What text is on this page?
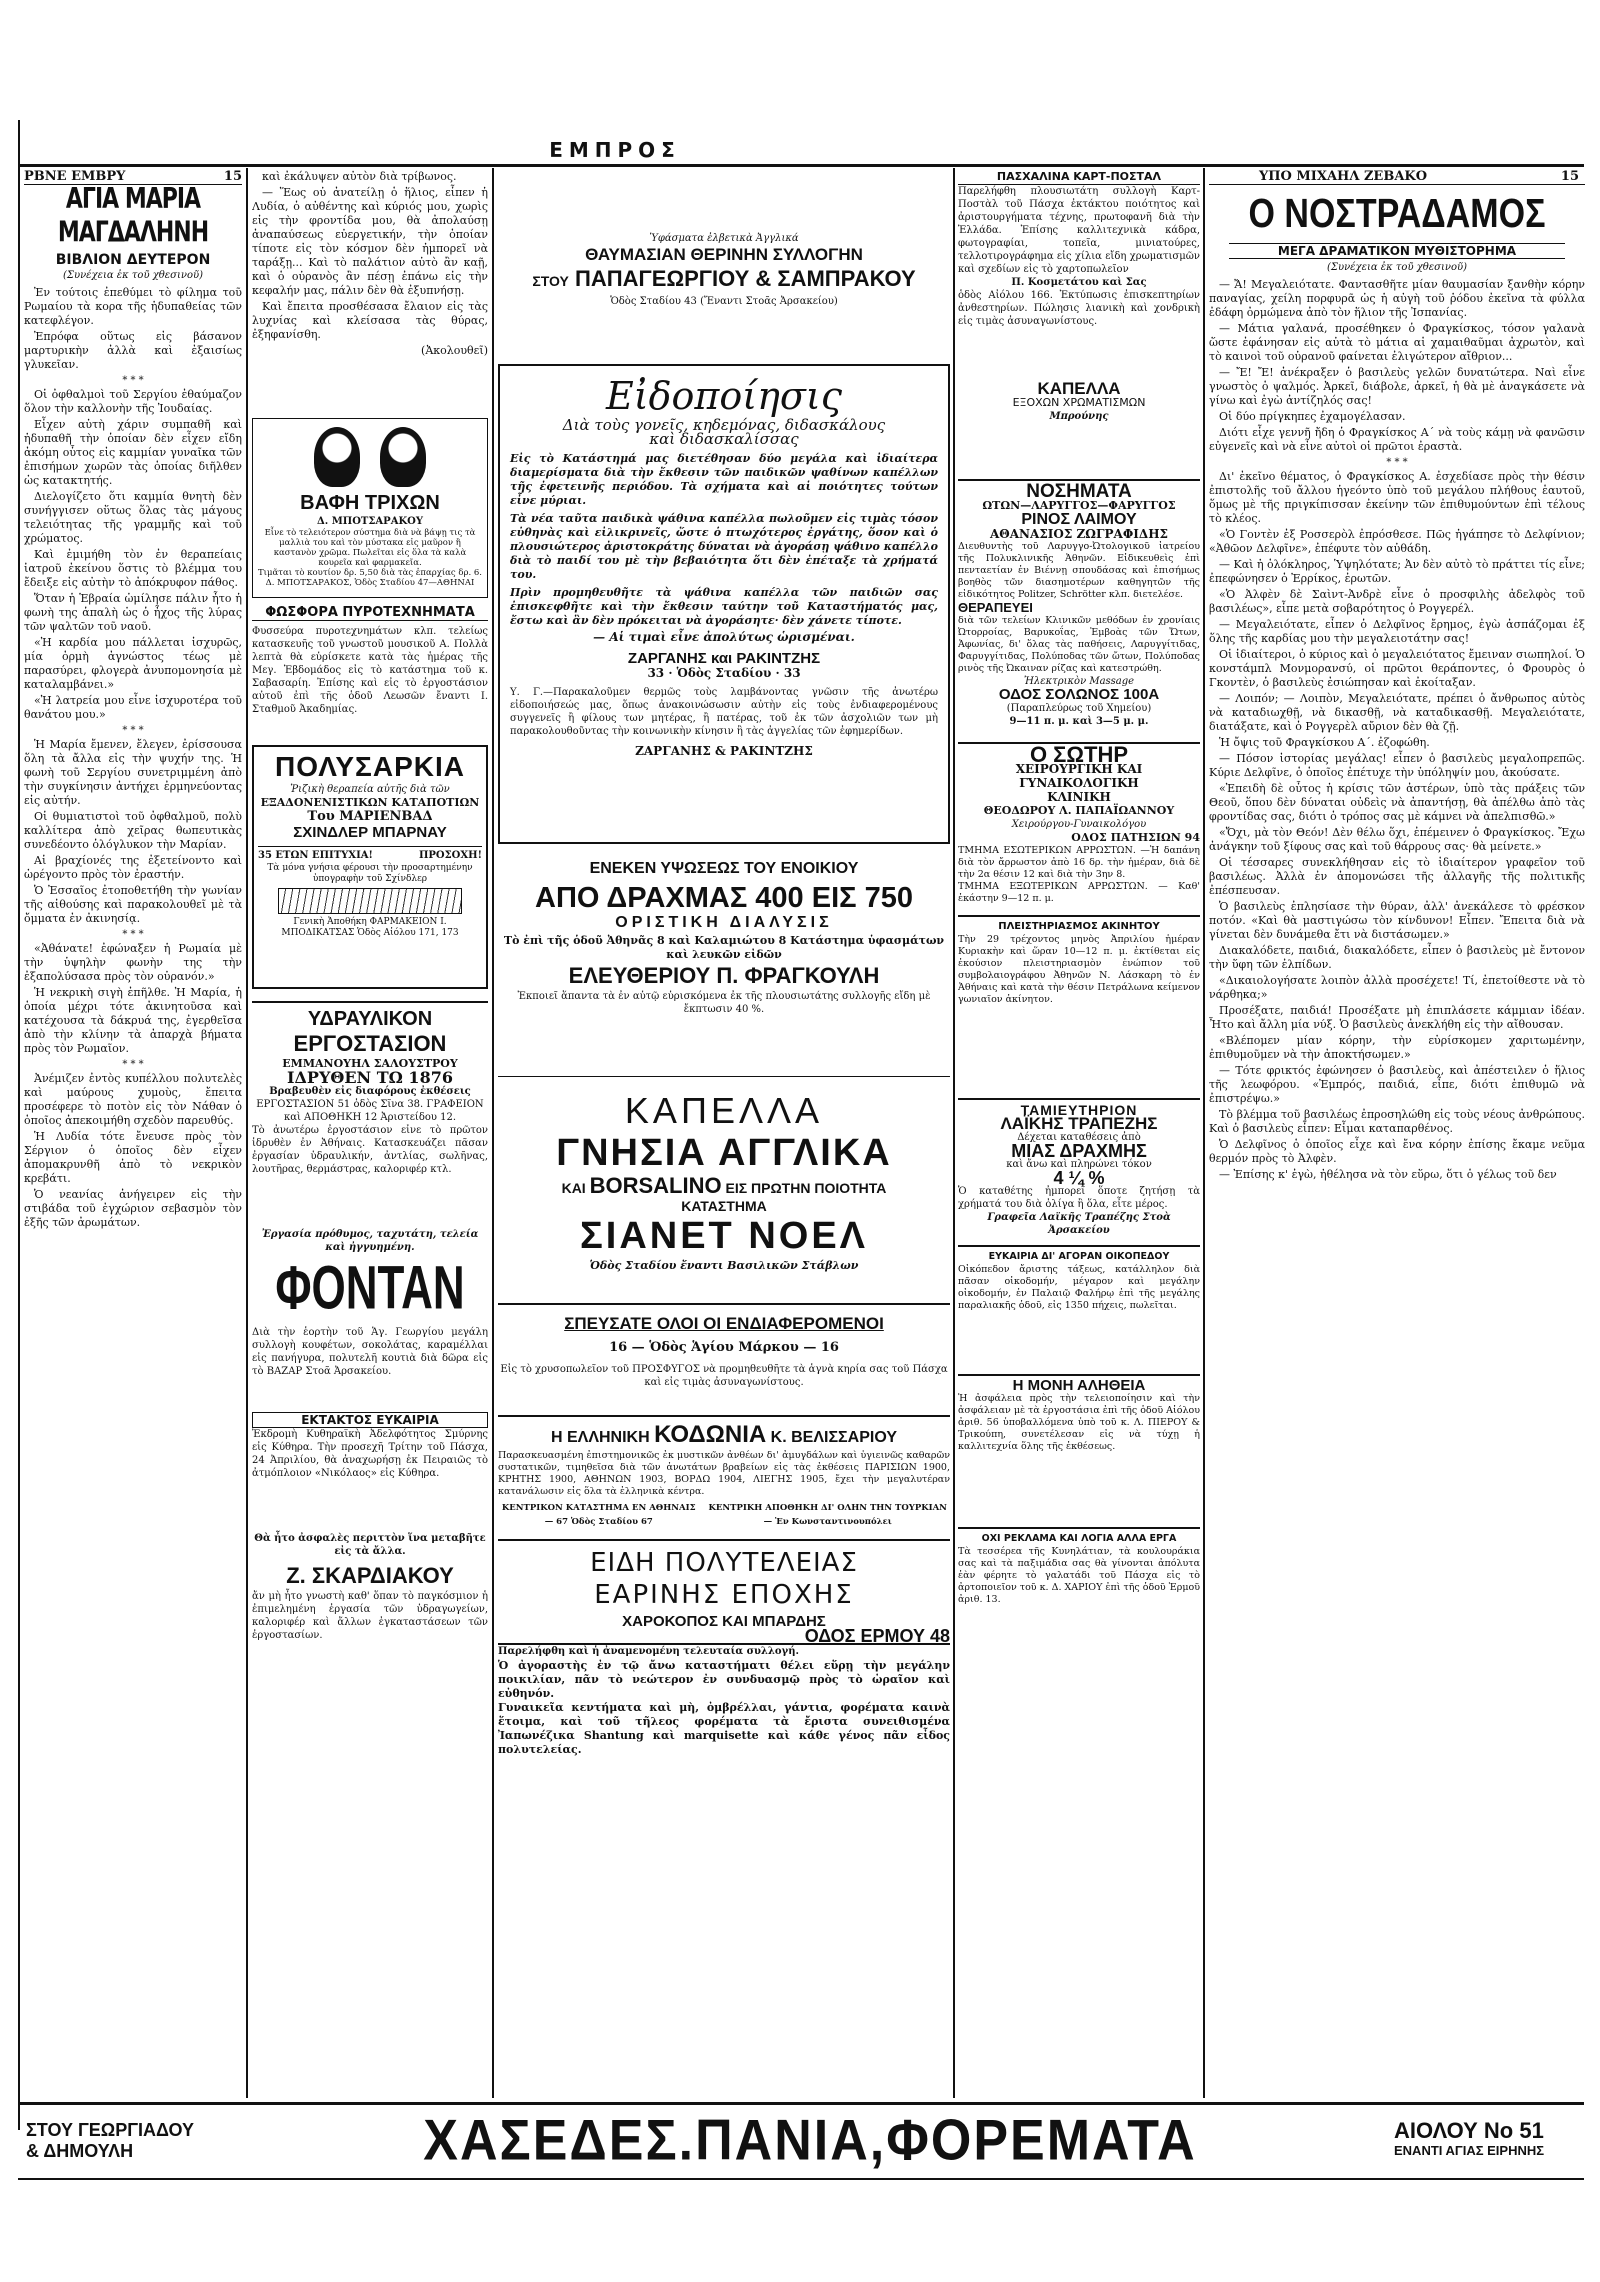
ΕΜΠΡΟΣ
ΡΒΝΕ ΕΜΒΡΥ	15
ΑΓΙΑ ΜΑΡΙΑ ΜΑΓΔΑΛΗΝΗ
ΒΙΒΛΙΟΝ ΔΕΥΤΕΡΟΝ
(Συνέχεια ἐκ τοῦ χθεσινοῦ)

Ἐν τούτοις ἐπεθύμει τὸ φίλημα τοῦ Ρωμαίου τὰ κορα τῆς ἡδυπαθείας τῶν κατεφλέγον.

Ἐπρόφα οὕτως εἰς βάσανον μαρτυρικὴν ἀλλὰ καὶ ἐξαισίως γλυκεῖαν.

* * *

Οἱ ὀφθαλμοὶ τοῦ Σεργίου ἐθαύμαζον ὅλον τὴν καλλονὴν τῆς Ἰουδαίας.

Εἶχεν αὐτὴ χάριν συμπαθῆ καὶ ἡδυπαθῆ τὴν ὁποίαν δὲν εἶχεν εἴδη ἀκόμη οὗτος εἰς καμμίαν γυναῖκα τῶν ἐπισήμων χωρῶν τὰς ὁποίας διῆλθεν ὡς κατακτητής.

Διελογίζετο ὅτι καμμία θνητὴ δὲν συνήγγισεν οὕτως ὅλας τὰς μάγους τελειότητας τῆς γραμμῆς καὶ τοῦ χρώματος.

Καὶ ἐμιμήθη τὸν ἐν θεραπείαις ἰατροῦ ἐκείνου ὅστις τὸ βλέμμα του ἔδειξε εἰς αὐτὴν τὸ ἀπόκρυφον πάθος.

Ὅταν ἡ Ἑβραία ὡμίλησε πάλιν ἦτο ἡ φωνὴ της ἁπαλὴ ὡς ὁ ἦχος τῆς λύρας τῶν ψαλτῶν τοῦ ναοῦ.

«Ἡ καρδία μου πάλλεται ἰσχυρῶς, μία ὁρμὴ ἀγνώστος τέως μὲ παρασύρει, φλογερὰ ἀνυπομονησία μὲ καταλαμβάνει.»

«Ἡ λατρεία μου εἶνε ἰσχυροτέρα τοῦ θανάτου μου.»

* * *

Ἡ Μαρία ἔμενεν, ἔλεγεν, ἐρίσσουσα ὅλη τὰ ἄλλα εἰς τὴν ψυχήν της. Ἡ φωνὴ τοῦ Σεργίου συνετριμμένη ἀπὸ τὴν συγκίνησιν ἀντήχει ἐρμηνεύοντας εἰς αὐτήν.

Οἱ θυμιατιστοὶ τοῦ ὀφθαλμοῦ, πολὺ καλλίτερα ἀπὸ χεῖρας θωπευτικὰς συνεδέοντο ὁλόγλυκον τὴν Μαρίαν.

Αἱ βραχίονές της ἐξετείνοντο καὶ ὡρέγοντο πρὸς τὸν ἐραστήν.

Ὁ Ἐσσαῖος ἐτοποθετήθη τὴν γωνίαν τῆς αἰθούσης καὶ παρακολουθεῖ μὲ τὰ ὄμματα ἐν ἀκινησίᾳ.

* * *

«Ἀθάνατε! ἐφώναξεν ἡ Ρωμαία μὲ τὴν ὑψηλὴν φωνὴν της τὴν ἐξαπολύσασα πρὸς τὸν οὐρανόν.»

Ἡ νεκρικὴ σιγὴ ἐπῆλθε. Ἡ Μαρία, ἡ ὁποία μέχρι τότε ἀκινητοῦσα καὶ κατέχουσα τὰ δάκρυά της, ἐγερθεῖσα ἀπὸ τὴν κλίνην τὰ ἀπαρχὰ βήματα πρὸς τὸν Ρωμαῖον.

* * *

Ἀνέμιζεν ἐντὸς κυπέλλου πολυτελὲς καὶ μαύρους χυμοὺς, ἔπειτα προσέφερε τὸ ποτὸν εἰς τὸν Νάθαν ὁ ὁποῖος ἀπεκοιμήθη σχεδὸν παρευθύς.

Ἡ Λυδία τότε ἔνευσε πρὸς τὸν Σέργιον ὁ ὁποῖος δὲν εἶχεν ἀπομακρυνθῆ ἀπὸ τὸ νεκρικὸν κρεβάτι.

Ὁ νεανίας ἀνήγειρεν εἰς τὴν στιβάδα τοῦ ἐγχώριον σεβασμὸν τὸν ἐξῆς τῶν ἀρωμάτων.

καὶ ἐκάλυψεν αὐτὸν διὰ τρίβωνος.

— Ἕως οὐ ἀνατείλῃ ὁ ἥλιος, εἶπεν ἡ Λυδία, ὁ αὐθέντης καὶ κύριός μου, χωρὶς εἰς τὴν φροντίδα μου, θὰ ἀπολαύσῃ ἀναπαύσεως εὐεργετικήν, τὴν ὁποίαν τίποτε εἰς τὸν κόσμον δὲν ἠμπορεῖ νὰ ταράξῃ... Καὶ τὸ παλάτιον αὐτὸ ἂν καῇ, καὶ ὁ οὐρανὸς ἂν πέσῃ ἐπάνω εἰς τὴν κεφαλήν μας, πάλιν δὲν θὰ ἐξυπνήσῃ.

Καὶ ἔπειτα προσθέσασα ἔλαιον εἰς τὰς λυχνίας καὶ κλείσασα τὰς θύρας, ἐξηφανίσθη.

(Ἀκολουθεῖ)

ΒΑΦΗ ΤΡΙΧΩΝ
Δ. ΜΠΟΤΣΑΡΑΚΟΥ
Εἶνε τὸ τελειότερον σύστημα διὰ νὰ βάψῃ τις τὰ μαλλιὰ του καὶ τὸν μύστακα εἰς μαῦρον ἢ καστανὸν χρῶμα. Πωλεῖται εἰς ὅλα τὰ καλὰ κουρεῖα καὶ φαρμακεῖα.
Τιμᾶται τὸ κουτίον δρ. 5,50 διὰ τὰς ἐπαρχίας δρ. 6.
Δ. ΜΠΟΤΣΑΡΑΚΟΣ, Ὁδὸς Σταδίου 47—ΑΘΗΝΑΙ
ΦΩΣΦΟΡΑ ΠΥΡΟΤΕΧΝΗΜΑΤΑ
Φυσσεύρα πυροτεχνημάτων κλπ. τελείως κατασκευῆς τοῦ γνωστοῦ μουσικοῦ Α. Πολλὰ λεπτὰ θὰ εὑρίσκετε κατὰ τὰς ἡμέρας τῆς Μεγ. Ἑβδομάδος εἰς τὸ κατάστημα τοῦ κ. Σαβασαρίη. Ἐπίσης καὶ εἰς τὸ ἐργοστάσιον αὐτοῦ ἐπὶ τῆς ὁδοῦ Λεωσῶν ἔναντι Ι. Σταθμοῦ Ἀκαδημίας.
ΠΟΛΥΣΑΡΚΙΑ
Ῥιζικὴ θεραπεία αὐτῆς διὰ τῶν
ΕΞΑΔΟΝΕΝΙΣΤΙΚΩΝ ΚΑΤΑΠΟΤΙΩΝ
Του ΜΑΡΙΕΝΒΑΔ
ΣΧΙΝΔΛΕΡ ΜΠΑΡΝΑΥ
35 ΕΤΩΝ ΕΠΙΤΥΧΙΑ!	ΠΡΟΣΟΧΗ!
Τὰ μόνα γνήσια φέρουσι τὴν προσαρτημένην ὑπογραφὴν τοῦ Σχίνδλερ
Γενικὴ Ἀποθήκη ΦΑΡΜΑΚΕΙΟΝ Ι. ΜΠΟΔΙΚΑΤΣΑΣ Ὁδὸς Αἰόλου 171, 173
ΥΔΡΑΥΛΙΚΟΝ
ΕΡΓΟΣΤΑΣΙΟΝ
ΕΜΜΑΝΟΥΗΛ ΣΑΛΟΥΣΤΡΟΥ
ΙΔΡΥΘΕΝ ΤΩ 1876
Βραβευθὲν εἰς διαφόρους ἐκθέσεις
ΕΡΓΟΣΤΑΣΙΟΝ 51 ὁδὸς Σῖνα 38. ΓΡΑΦΕΙΟΝ καὶ ΑΠΟΘΗΚΗ 12 Ἀριστείδου 12.
Τὸ ἀνωτέρω ἐργοστάσιον εἶνε τὸ πρῶτον ἱδρυθὲν ἐν Ἀθήναις. Κατασκευάζει πᾶσαν ἐργασίαν ὑδραυλικήν, ἀντλίας, σωλῆνας, λουτῆρας, θερμάστρας, καλοριφέρ κτλ.
Ἐργασία πρόθυμος, ταχυτάτη, τελεία καὶ ἠγγυημένη.
ΦΟΝΤΑΝ
Διὰ τὴν ἑορτὴν τοῦ Ἁγ. Γεωργίου μεγάλη συλλογὴ κουφέτων, σοκολάτας, καραμέλλαι εἰς πανήγυρα, πολυτελῆ κουτιὰ διὰ δῶρα εἰς τὸ ΒΑΖΑΡ Στοᾶ Ἀρσακείου.
ΕΚΤΑΚΤΟΣ ΕΥΚΑΙΡΙΑ
Ἐκδρομὴ Κυθηραϊκὴ Ἀδελφότητος Σμύρνης εἰς Κύθηρα. Τὴν προσεχῆ Τρίτην τοῦ Πάσχα, 24 Ἀπριλίου, θὰ ἀναχωρήσῃ ἐκ Πειραιῶς τὸ ἀτμόπλοιον «Νικόλαος» εἰς Κύθηρα.
Θὰ ἦτο ἀσφαλὲς περιττὸν ἵνα μεταβῆτε εἰς τὰ ἄλλα.
Ζ. ΣΚΑΡΔΙΑΚΟΥ
ἄν μὴ ἦτο γνωστὴ καθ' ὅπαν τὸ παγκόσμιον ἡ ἐπιμελημένη ἐργασία τῶν ὑδραγωγείων, καλοριφέρ καὶ ἄλλων ἐγκαταστάσεων τῶν ἐργοστασίων.
Ὑφάσματα ἐλβετικὰ Ἀγγλικά
ΘΑΥΜΑΣΙΑΝ ΘΕΡΙΝΗΝ ΣΥΛΛΟΓΗΝ
ΣΤΟΥ ΠΑΠΑΓΕΩΡΓΙΟΥ & ΣΑΜΠΡΑΚΟΥ
Ὁδὸς Σταδίου 43 (Ἔναντι Στοᾶς Ἀρσακείου)
Εἰδοποίησις
Διὰ τοὺς γονεῖς, κηδεμόνας, διδασκάλους
καὶ διδασκαλίσσας
Εἰς τὸ Κατάστημά μας διετέθησαν δύο μεγάλα καὶ ἰδιαίτερα διαμερίσματα διὰ τὴν ἔκθεσιν τῶν παιδικῶν ψαθίνων καπέλλων τῆς ἐφετεινῆς περιόδου. Τὰ σχήματα καὶ αἱ ποιότητες τούτων εἶνε μύριαι.
Τὰ νέα ταῦτα παιδικὰ ψάθινα καπέλλα πωλοῦμεν εἰς τιμὰς τόσον εὐθηνὰς καὶ εἰλικρινεῖς, ὥστε ὁ πτωχότερος ἐργάτης, ὅσον καὶ ὁ πλουσιώτερος ἀριστοκράτης δύναται νὰ ἀγοράσῃ ψάθινο καπέλλο διὰ τὸ παιδί του μὲ τὴν βεβαιότητα ὅτι δὲν ἐπέταξε τὰ χρήματά του.
Πρὶν προμηθευθῆτε τὰ ψάθινα καπέλλα τῶν παιδιῶν σας ἐπισκεφθῆτε καὶ τὴν ἔκθεσιν ταύτην τοῦ Καταστήματός μας, ἔστω καὶ ἂν δὲν πρόκειται νὰ ἀγοράσητε· δὲν χάνετε τίποτε.
— Αἱ τιμαὶ εἶνε ἀπολύτως ὡρισμέναι.
ΖΑΡΓΑΝΗΣ και ΡΑΚΙΝΤΖΗΣ
33 · Ὁδὸς Σταδίου · 33
Υ. Γ.—Παρακαλοῦμεν θερμῶς τοὺς λαμβάνοντας γνῶσιν τῆς ἀνωτέρω εἰδοποιήσεώς μας, ὅπως ἀνακοινώσωσιν αὐτὴν εἰς τοὺς ἐνδιαφερομένους συγγενεῖς ἢ φίλους των μητέρας, ἢ πατέρας, τοῦ ἐκ τῶν ἀσχολιῶν των μὴ παρακολουθοῦντας τὴν κοινωνικὴν κίνησιν ἢ τὰς ἀγγελίας τῶν ἐφημερίδων.
ΖΑΡΓΑΝΗΣ & ΡΑΚΙΝΤΖΗΣ
ΕΝΕΚΕΝ ΥΨΩΣΕΩΣ ΤΟΥ ΕΝΟΙΚΙΟΥ
ΑΠΟ ΔΡΑΧΜΑΣ 400 ΕΙΣ 750
ΟΡΙΣΤΙΚΗ ΔΙΑΛΥΣΙΣ
Τὸ ἐπὶ τῆς ὁδοῦ Ἀθηνᾶς 8 καὶ Καλαμιώτου 8 Κατάστημα ὑφασμάτων καὶ λευκῶν εἰδῶν
ΕΛΕΥΘΕΡΙΟΥ Π. ΦΡΑΓΚΟΥΛΗ
Ἐκποιεῖ ἅπαντα τὰ ἐν αὐτῷ εὑρισκόμενα ἐκ τῆς πλουσιωτάτης συλλογῆς εἴδη μὲ ἔκπτωσιν 40 %.
ΚΑΠΕΛΛΑ
ΓΝΗΣΙΑ ΑΓΓΛΙΚΑ
ΚΑΙ BORSALINO ΕΙΣ ΠΡΩΤΗΝ ΠΟΙΟΤΗΤΑ
ΚΑΤΑΣΤΗΜΑ
ΣΙΑΝΕΤ ΝΟΕΛ
Ὁδὸς Σταδίου ἔναντι Βασιλικῶν Στάβλων
ΣΠΕΥΣΑΤΕ ΟΛΟΙ ΟΙ ΕΝΔΙΑΦΕΡΟΜΕΝΟΙ
16 — Ὁδὸς Ἁγίου Μάρκου — 16
Εἰς τὸ χρυσοπωλεῖον τοῦ ΠΡΟΣΦΥΓΟΣ νὰ προμηθευθῆτε τὰ ἁγνὰ κηρία σας τοῦ Πάσχα καὶ εἰς τιμὰς ἀσυναγωνίστους.
Η ΕΛΛΗΝΙΚΗ ΚΟΔΩΝΙΑ Κ. ΒΕΛΙΣΣΑΡΙΟΥ
Παρασκευασμένη ἐπιστημονικῶς ἐκ μυστικῶν ἀνθέων δι' ἀμυγδάλων καὶ ὑγιεινῶς καθαρῶν συστατικῶν, τιμηθεῖσα διὰ τῶν ἀνωτάτων βραβείων εἰς τὰς ἐκθέσεις ΠΑΡΙΣΙΩΝ 1900, ΚΡΗΤΗΣ 1900, ΑΘΗΝΩΝ 1903, ΒΟΡΔΩ 1904, ΛΙΕΓΗΣ 1905, ἔχει τὴν μεγαλυτέραν κατανάλωσιν εἰς ὅλα τὰ ἑλληνικὰ κέντρα.
ΚΕΝΤΡΙΚΟΝ ΚΑΤΑΣΤΗΜΑ ΕΝ ΑΘΗΝΑΙΣ — 67 Ὁδὸς Σταδίου 67
ΚΕΝΤΡΙΚΗ ΑΠΟΘΗΚΗ ΔΙ' ΟΛΗΝ ΤΗΝ ΤΟΥΡΚΙΑΝ — Ἐν Κωνσταντινουπόλει
ΕΙΔΗ ΠΟΛΥΤΕΛΕΙΑΣ
ΕΑΡΙΝΗΣ ΕΠΟΧΗΣ
ΧΑΡΟΚΟΠΟΣ ΚΑΙ ΜΠΑΡΔΗΣ
ΟΔΟΣ ΕΡΜΟΥ 48
Παρελήφθη καὶ ἡ ἀναμενομένη τελευταία συλλογή.
Ὁ ἀγοραστὴς ἐν τῷ ἄνω καταστήματι θέλει εὕρῃ τὴν μεγάλην ποικιλίαν, πᾶν τὸ νεώτερον ἐν συνδυασμῷ πρὸς τὸ ὡραῖον καὶ εὐθηνόν.
Γυναικεῖα κεντήματα καὶ μὴ, ὀμβρέλλαι, γάντια, φορέματα καινὰ ἕτοιμα, καὶ τοῦ τῆλεος φορέματα τὰ ἔριστα συνειθισμένα Ἰαπωνέζικα Shantung καὶ marquisette καὶ κάθε γένος πᾶν εἶδος πολυτελείας.
ΠΑΣΧΑΛΙΝΑ ΚΑΡΤ-ΠΟΣΤΑΛ
Παρελήφθη πλουσιωτάτη συλλογὴ Καρτ-Ποστὰλ τοῦ Πάσχα ἐκτάκτου ποιότητος καὶ ἀριστουργήματα τέχνης, πρωτοφανῆ διὰ τὴν Ἑλλάδα. Ἐπίσης καλλιτεχνικὰ κάδρα, φωτογραφίαι, τοπεῖα, μινιατούρες, τελλοτιρογράφημα εἰς χίλια εἴδη χρωματισμῶν καὶ σχεδίων εἰς τὸ χαρτοπωλεῖον
Π. Κοσμετάτου καὶ Σας
ὁδὸς Αἰόλου 166. Ἐκτύπωσις ἐπισκεπτηρίων ἀνθεστηρίων. Πώλησις λιανικὴ καὶ χονδρικὴ εἰς τιμὰς ἀσυναγωνίστους.
ΚΑΠΕΛΛΑ
ΕΞΟΧΩΝ ΧΡΩΜΑΤΙΣΜΩΝ
Μπρούνης
ΝΟΣΗΜΑΤΑ
ΩΤΩΝ—ΛΑΡΥΓΓΟΣ—ΦΑΡΥΓΓΟΣ
ΡΙΝΟΣ ΛΑΙΜΟΥ
ΑΘΑΝΑΣΙΟΣ ΖΩΓΡΑΦΙΔΗΣ
Διευθυντὴς τοῦ Λαρυγγο-Ὠτολογικοῦ ἰατρείου τῆς Πολυκλινικῆς Ἀθηνῶν. Εἰδικευθεὶς ἐπὶ πενταετίαν ἐν Βιέννῃ σπουδάσας καὶ ἐπισήμως βοηθὸς τῶν διασημοτέρων καθηγητῶν τῆς εἰδικότητος Politzer, Schrötter κλπ. διετελέσε.
ΘΕΡΑΠΕΥΕΙ
διὰ τῶν τελείων Κλινικῶν μεθόδων ἐν χρονίαις Ὠτορροίας, Βαρυκοΐας, Ἐμβοὰς τῶν Ὤτων, Ἀφωνίας, δι' ὅλας τὰς παθήσεις, Λαρυγγίτιδας, Φαρυγγίτιδας, Πολύποδας τῶν ὤτων, Πολύποδας ρινὸς τῆς Ὠκαιναν ρίζας καὶ κατεστρώθη.
Ἠλεκτρικὸν Massage
ΟΔΟΣ ΣΟΛΩΝΟΣ 100Α
(Παραπλεύρως τοῦ Χημείου)
9—11 π. μ. καὶ 3—5 μ. μ.
Ο ΣΩΤΗΡ
ΧΕΙΡΟΥΡΓΙΚΗ ΚΑΙ ΓΥΝΑΙΚΟΛΟΓΙΚΗ
ΚΛΙΝΙΚΗ
ΘΕΟΔΩΡΟΥ Λ. ΠΑΠΑΪΩΑΝΝΟΥ
Χειρούργου-Γυναικολόγου
ΟΔΟΣ ΠΑΤΗΣΙΩΝ 94
ΤΜΗΜΑ ΕΣΩΤΕΡΙΚΩΝ ΑΡΡΩΣΤΩΝ. —Ἡ δαπάνη διὰ τὸν ἄρρωστον ἀπὸ 16 δρ. τὴν ἡμέραν, διὰ δὲ τὴν 2α θέσιν 12 καὶ διὰ τὴν 3ην 8.
ΤΜΗΜΑ ΕΞΩΤΕΡΙΚΩΝ ΑΡΡΩΣΤΩΝ. — Καθ' ἑκάστην 9—12 π. μ.
ΠΛΕΙΣΤΗΡΙΑΣΜΟΣ ΑΚΙΝΗΤΟΥ
Τὴν 29 τρέχοντος μηνὸς Ἀπριλίου ἡμέραν Κυριακὴν καὶ ὥραν 10—12 π. μ. ἐκτίθεται εἰς ἐκούσιον πλειστηριασμὸν ἐνώπιον τοῦ συμβολαιογράφου Ἀθηνῶν Ν. Λάσκαρη τὸ ἐν Ἀθήναις καὶ κατὰ τὴν θέσιν Πετράλωνα κείμενον γωνιαῖον ἀκίνητον.
ΤΑΜΙΕΥΤΗΡΙΟΝ
ΛΑΪΚΗΣ ΤΡΑΠΕΖΗΣ
Δέχεται καταθέσεις ἀπὸ
ΜΙΑΣ ΔΡΑΧΜΗΣ
καὶ ἄνω καὶ πληρώνει τόκον
4 ¼ %
Ὁ καταθέτης ἠμπορεῖ ὅποτε ζητήσῃ τὰ χρήματά του διὰ ὀλίγα ἢ ὅλα, εἶτε μέρος.
Γραφεῖα Λαϊκῆς Τραπέζης Στοὰ Ἀρσακείου
ΕΥΚΑΙΡΙΑ ΔΙ' ΑΓΟΡΑΝ ΟΙΚΟΠΕΔΟΥ
Οἰκόπεδον ἄριστης τάξεως, κατάλληλον διὰ πᾶσαν οἰκοδομήν, μέγαρον καὶ μεγάλην οἰκοδομήν, ἐν Παλαιῷ Φαλήρῳ ἐπὶ τῆς μεγάλης παραλιακῆς ὁδοῦ, εἰς 1350 πήχεις, πωλεῖται.
Η ΜΟΝΗ ΑΛΗΘΕΙΑ
Ἡ ἀσφάλεια πρὸς τὴν τελειοποίησιν καὶ τὴν ἀσφάλειαν μὲ τὰ ἐργοστάσια ἐπὶ τῆς ὁδοῦ Αἰόλου ἀριθ. 56 ὑποβαλλόμενα ὑπὸ τοῦ κ. Λ. ΠΙΕΡΟΥ & Τρικούπη, συνετέλεσαν εἰς νὰ τύχῃ ἡ καλλιτεχνία ὅλης τῆς ἐκθέσεως.
ΟΧΙ ΡΕΚΛΑΜΑ ΚΑΙ ΛΟΓΙΑ ΑΛΛΑ ΕΡΓΑ
Τὰ τεσσέρεα τῆς Κυνηλάτιαν, τὰ κουλουράκια σας καὶ τὰ παξιμάδια σας θὰ γίνονται ἀπόλυτα ἐὰν φέρητε τὸ γαλατάδι τοῦ Πάσχα εἰς τὸ ἀρτοποιεῖον τοῦ κ. Δ. ΧΑΡΙΟΥ ἐπὶ τῆς ὁδοῦ Ἑρμοῦ ἀριθ. 13.
ΥΠΟ ΜΙΧΑΗΛ ΖΕΒΑΚΟ	15
Ο ΝΟΣΤΡΑΔΑΜΟΣ
ΜΕΓΑ ΔΡΑΜΑΤΙΚΟΝ ΜΥΘΙΣΤΟΡΗΜΑ
(Συνέχεια ἐκ τοῦ χθεσινοῦ)

— Ἄ! Μεγαλειότατε. Φαντασθῆτε μίαν θαυμασίαν ξανθὴν κόρην παναγίας, χείλη πορφυρᾶ ὡς ἡ αὐγὴ τοῦ ῥόδου ἐκεῖνα τὰ φύλλα ἐδάφη ὀρμώμενα ἀπὸ τὸν ἥλιον τῆς Ἰσπανίας.

— Μάτια γαλανά, προσέθηκεν ὁ Φραγκίσκος, τόσον γαλανὰ ὥστε ἐφάνησαν εἰς αὐτὰ τὸ μάτια αἱ χαμαιθαῦμαι ἀχρωτὸν, καὶ τὸ καινοὶ τοῦ οὐρανοῦ φαίνεται ἐλιγώτερον αἴθριον...

— Ἔ! Ἔ! ἀνέκραξεν ὁ βασιλεὺς γελῶν δυνατώτερα. Ναὶ εἶνε γνωστὸς ὁ ψαλμός. Ἀρκεῖ, διάβολε, ἀρκεῖ, ἡ θὰ μὲ ἀναγκάσετε νὰ γίνω καὶ ἐγὼ ἀντίζηλός σας!

Οἱ δύο πρίγκηπες ἐχαμογέλασαν.

Διότι εἶχε γεννῆ ἤδη ὁ Φραγκίσκος Α΄ νὰ τοὺς κάμῃ νὰ φανῶσιν εὐγενεῖς καὶ νὰ εἶνε αὐτοὶ οἱ πρῶτοι ἐραστὰ.

* * *

Δι' ἐκεῖνο θέματος, ὁ Φραγκίσκος Α. ἐσχεδίασε πρὸς τὴν θέσιν ἐπιστολῆς τοῦ ἄλλου ἡγεόντο ὑπὸ τοῦ μεγάλου πλήθους ἑαυτοῦ, ὅμως μὲ τῆς πριγκίπισσαν ἐκείνην τῶν ἐπιθυμούντων ἐπὶ τέλους τὸ κλέος.

«Ὁ Γοντὲν ἐξ Ροσσερὸλ ἐπρόσθεσε. Πῶς ἠγάπησε τὸ Δελφίνιον; «Ἀθῶον Δελφῖνε», ἐπέφυτε τὸν αὐθάδη.

— Καὶ ἡ ὁλόκληρος, Ὑψηλότατε; Ἀν δὲν αὐτὸ τὸ πράττει τίς εἶνε; ἐπεφώνησεν ὁ Ἐρρίκος, ἐρωτῶν.

«Ὁ Ἀλφὲν δὲ Σαὶντ-Ἀνδρὲ εἶνε ὁ προσφιλὴς ἀδελφὸς τοῦ βασιλέως», εἶπε μετὰ σοβαρότητος ὁ Ρογγερέλ.

— Μεγαλειότατε, εἶπεν ὁ Δελφῖνος ἔρημος, ἐγὼ ἀσπάζομαι ἐξ ὅλης τῆς καρδίας μου τὴν μεγαλειοτάτην σας!

Οἱ ἰδιαίτεροι, ὁ κύριος καὶ ὁ μεγαλειότατος ἔμειναν σιωπηλοί. Ὁ κονστάμπλ Μονμορανσύ, οἱ πρῶτοι θεράποντες, ὁ Φρουρὸς ὁ Γκοντὲν, ὁ βασιλεὺς ἐσιώπησαν καὶ ἐκοίταξαν.

— Λοιπόν; — Λοιπὸν, Μεγαλειότατε, πρέπει ὁ ἄνθρωπος αὐτὸς νὰ καταδιωχθῇ, νὰ δικασθῇ, νὰ καταδικασθῇ. Μεγαλειότατε, διατάξατε, καὶ ὁ Ρογγερὲλ αὔριον δὲν θὰ ζῇ.

Ἡ ὄψις τοῦ Φραγκίσκου Α΄. ἐζοφώθη.

— Πόσον ἰστορίας μεγάλας! εἶπεν ὁ βασιλεὺς μεγαλοπρεπῶς. Κύριε Δελφῖνε, ὁ ὁποῖος ἐπέτυχε τὴν ὑπόληψίν μου, ἀκούσατε.

«Ἐπειδὴ δὲ οὗτος ἡ κρίσις τῶν ἀστέρων, ὑπὸ τὰς πράξεις τῶν Θεοῦ, ὅπου δὲν δύναται οὐδεὶς νὰ ἀπαντήσῃ, θὰ ἀπέλθω ἀπὸ τὰς φροντίδας σας, διότι ὁ τρόπος σας μὲ κάμνει νὰ ἀπελπισθῶ.»

«Ὄχι, μὰ τὸν Θεόν! Δὲν θέλω ὅχι, ἐπέμεινεν ὁ Φραγκίσκος. Ἔχω ἀνάγκην τοῦ ξίφους σας καὶ τοῦ θάρρους σας· θὰ μείνετε.»

Οἱ τέσσαρες συνεκλήθησαν εἰς τὸ ἱδιαίτερον γραφεῖον τοῦ βασιλέως. Ἀλλὰ ἐν ἀπομονώσει τῆς ἀλλαγῆς τῆς πολιτικῆς ἐπέσπευσαν.

Ὁ βασιλεὺς ἐπλησίασε τὴν θύραν, ἀλλ' ἀνεκάλεσε τὸ φρέσκον ποτόν. «Καὶ θὰ μαστιγώσω τὸν κίνδυνον! Εἶπεν. Ἔπειτα διὰ νὰ γίνεται δὲν δυνάμεθα ἔτι νὰ διστάσωμεν.»

Διακαλόδετε, παιδιά, διακαλόδετε, εἶπεν ὁ βασιλεὺς μὲ ἔντονον τὴν ὕφη τῶν ἐλπίδων.

«Δικαιολογήσατε λοιπὸν ἀλλὰ προσέχετε! Τί, ἐπετοίθεστε νὰ τὸ νάρθηκα;»

Προσέξατε, παιδιά! Προσέξατε μὴ ἐπιπλάσετε κάμμιαν ἰδέαν. Ἦτο καὶ ἄλλη μία νύξ. Ὁ βασιλεὺς ἀνεκλήθη εἰς τὴν αἴθουσαν.

«Βλέπομεν μίαν κόρην, τὴν εὑρίσκομεν χαριτωμένην, ἐπιθυμοῦμεν νὰ τὴν ἀποκτήσωμεν.»

— Τότε φρικτός ἐφώνησεν ὁ βασιλεὺς, καὶ ἀπέστειλεν ὁ ἥλιος τῆς λεωφόρου. «Ἐμπρός, παιδιά, εἶπε, διότι ἐπιθυμῶ νὰ ἐπιστρέψω.»

Τὸ βλέμμα τοῦ βασιλέως ἐπροσηλώθη εἰς τοὺς νέους ἀνθρώπους. Καὶ ὁ βασιλεὺς εἶπεν: Εἶμαι καταπαρθένος.

Ὁ Δελφῖνος ὁ ὁποῖος εἶχε καὶ ἔνα κόρην ἐπίσης ἔκαμε νεῦμα θερμόν πρὸς τὸ Ἀλφὲν.

— Ἐπίσης κ' ἐγὼ, ἠθέλησα νὰ τὸν εὕρω, ὅτι ὁ γέλως τοῦ δεν

ΣΤΟΥ ΓΕΩΡΓΙΑΔΟΥ
& ΔΗΜΟΥΛΗ	ΧΑΣΕΔΕΣ.ΠΑΝΙΑ,ΦΟΡΕΜΑΤΑ	ΑΙΟΛΟΥ Νο 51
ΕΝΑΝΤΙ ΑΓΙΑΣ ΕΙΡΗΝΗΣ
